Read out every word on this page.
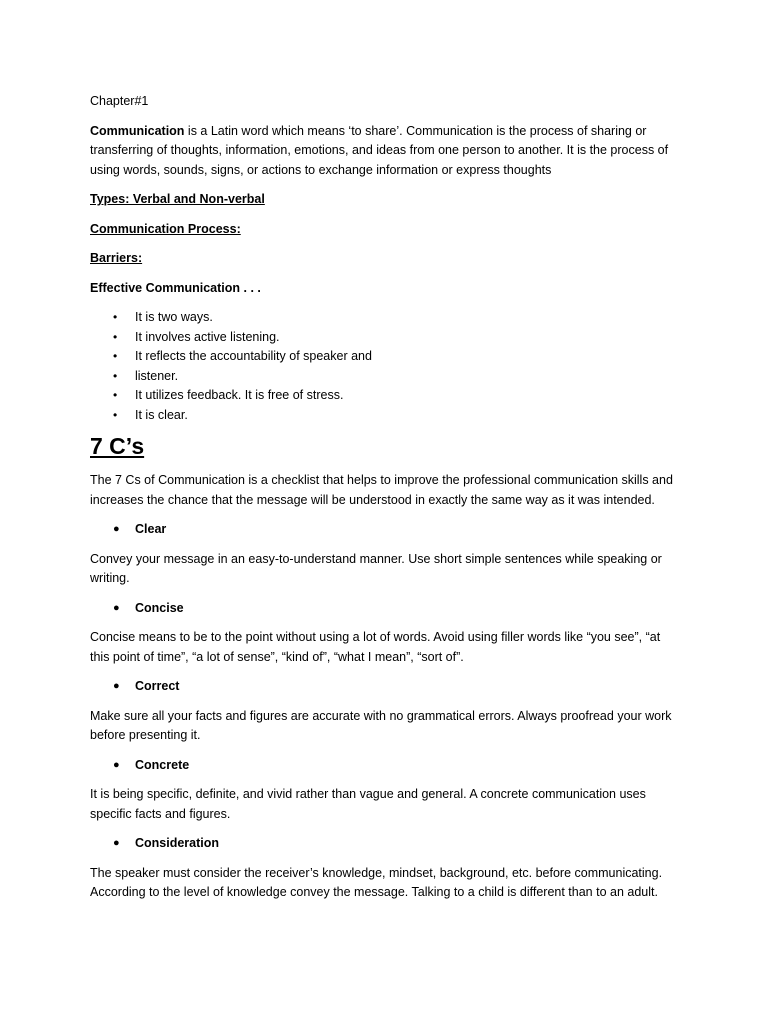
Chapter#1

Communication is a Latin word which means ‘to share’. Communication is the process of sharing or transferring of thoughts, information, emotions, and ideas from one person to another. It is the process of using words, sounds, signs, or actions to exchange information or express thoughts

Types: Verbal and Non-verbal

Communication Process:

Barriers:

Effective Communication . . .

• It is two ways.
• It involves active listening.
• It reflects the accountability of speaker and
• listener.
• It utilizes feedback. It is free of stress.
• It is clear.

7 C’s

The 7 Cs of Communication is a checklist that helps to improve the professional communication skills and increases the chance that the message will be understood in exactly the same way as it was intended.

● Clear

Convey your message in an easy-to-understand manner. Use short simple sentences while speaking or writing.

● Concise

Concise means to be to the point without using a lot of words. Avoid using filler words like “you see”, “at this point of time”, “a lot of sense”, “kind of”, “what I mean”, “sort of”.

● Correct

Make sure all your facts and figures are accurate with no grammatical errors. Always proofread your work before presenting it.

● Concrete

It is being specific, definite, and vivid rather than vague and general. A concrete communication uses specific facts and figures.

● Consideration

The speaker must consider the receiver’s knowledge, mindset, background, etc. before communicating. According to the level of knowledge convey the message. Talking to a child is different than to an adult.
